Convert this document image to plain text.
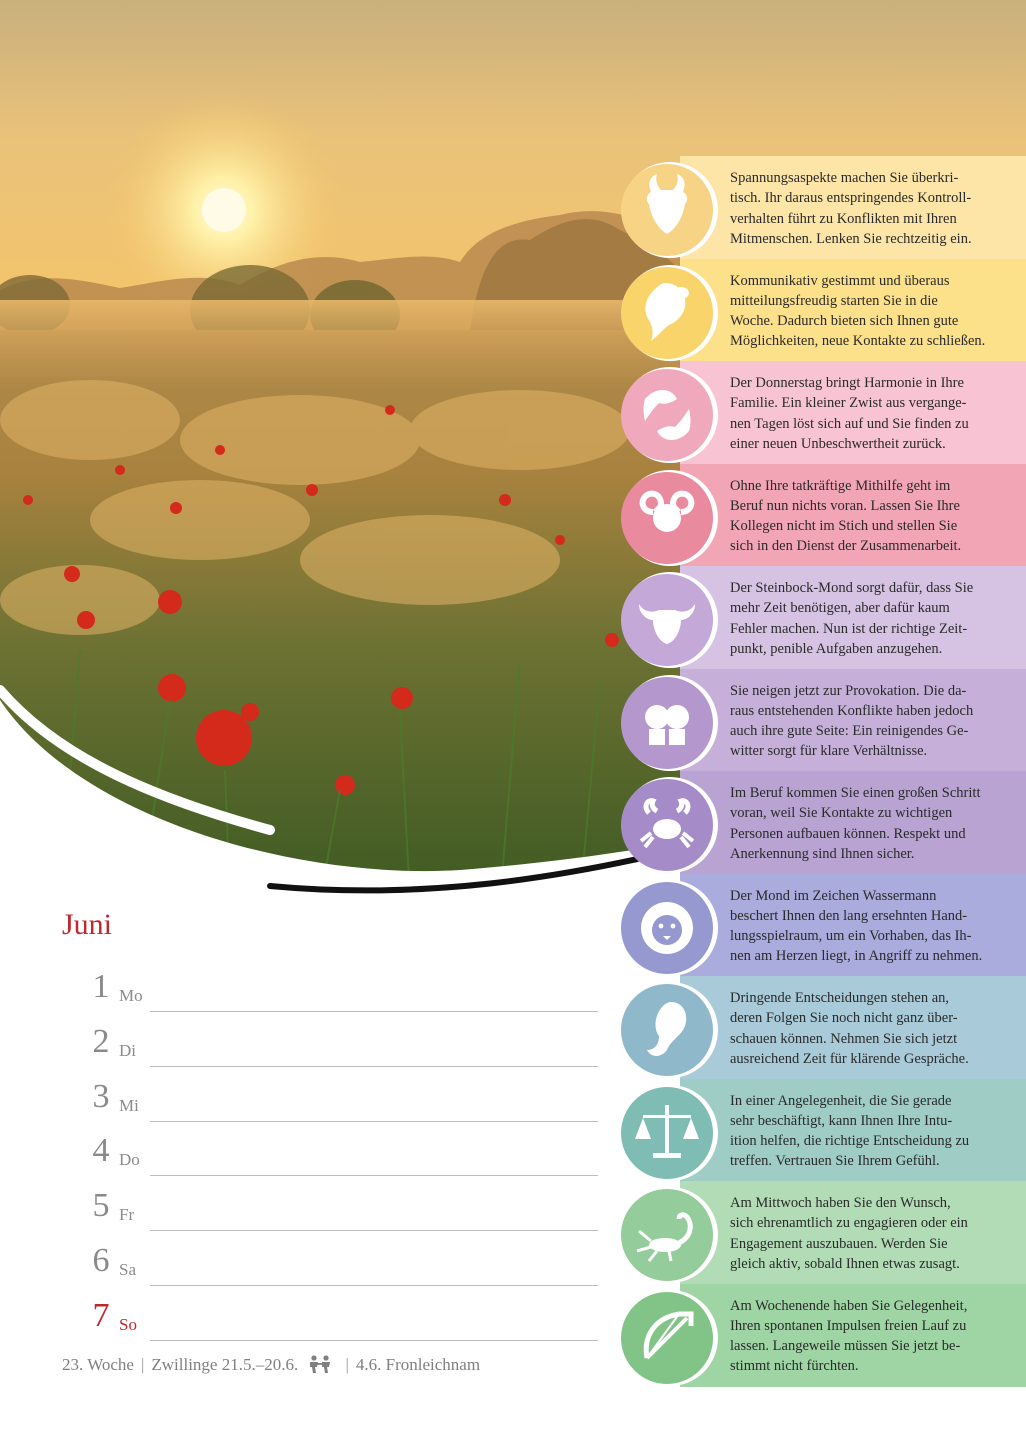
Spannungsaspekte machen Sie überkri-
tisch. Ihr daraus entspringendes Kontroll-
verhalten führt zu Konflikten mit Ihren
Mitmenschen. Lenken Sie rechtzeitig ein.
Kommunikativ gestimmt und überaus
mitteilungsfreudig starten Sie in die
Woche. Dadurch bieten sich Ihnen gute
Möglichkeiten, neue Kontakte zu schließen.
Der Donnerstag bringt Harmonie in Ihre
Familie. Ein kleiner Zwist aus vergange-
nen Tagen löst sich auf und Sie finden zu
einer neuen Unbeschwertheit zurück.
Ohne Ihre tatkräftige Mithilfe geht im
Beruf nun nichts voran. Lassen Sie Ihre
Kollegen nicht im Stich und stellen Sie
sich in den Dienst der Zusammenarbeit.
Der Steinbock-Mond sorgt dafür, dass Sie
mehr Zeit benötigen, aber dafür kaum
Fehler machen. Nun ist der richtige Zeit-
punkt, penible Aufgaben anzugehen.
Sie neigen jetzt zur Provokation. Die da-
raus entstehenden Konflikte haben jedoch
auch ihre gute Seite: Ein reinigendes Ge-
witter sorgt für klare Verhältnisse.
Im Beruf kommen Sie einen großen Schritt
voran, weil Sie Kontakte zu wichtigen
Personen aufbauen können. Respekt und
Anerkennung sind Ihnen sicher.
Der Mond im Zeichen Wassermann
beschert Ihnen den lang ersehnten Hand-
lungsspielraum, um ein Vorhaben, das Ih-
nen am Herzen liegt, in Angriff zu nehmen.
Dringende Entscheidungen stehen an,
deren Folgen Sie noch nicht ganz über-
schauen können. Nehmen Sie sich jetzt
ausreichend Zeit für klärende Gespräche.
In einer Angelegenheit, die Sie gerade
sehr beschäftigt, kann Ihnen Ihre Intu-
ition helfen, die richtige Entscheidung zu
treffen. Vertrauen Sie Ihrem Gefühl.
Am Mittwoch haben Sie den Wunsch,
sich ehrenamtlich zu engagieren oder ein
Engagement auszubauen. Werden Sie
gleich aktiv, sobald Ihnen etwas zusagt.
Am Wochenende haben Sie Gelegenheit,
Ihren spontanen Impulsen freien Lauf zu
lassen. Langeweile müssen Sie jetzt be-
stimmt nicht fürchten.
Juni
1 Mo
2 Di
3 Mi
4 Do
5 Fr
6 Sa
7 So
23. Woche | Zwillinge 21.5.–20.6.	| 4.6. Fronleichnam
